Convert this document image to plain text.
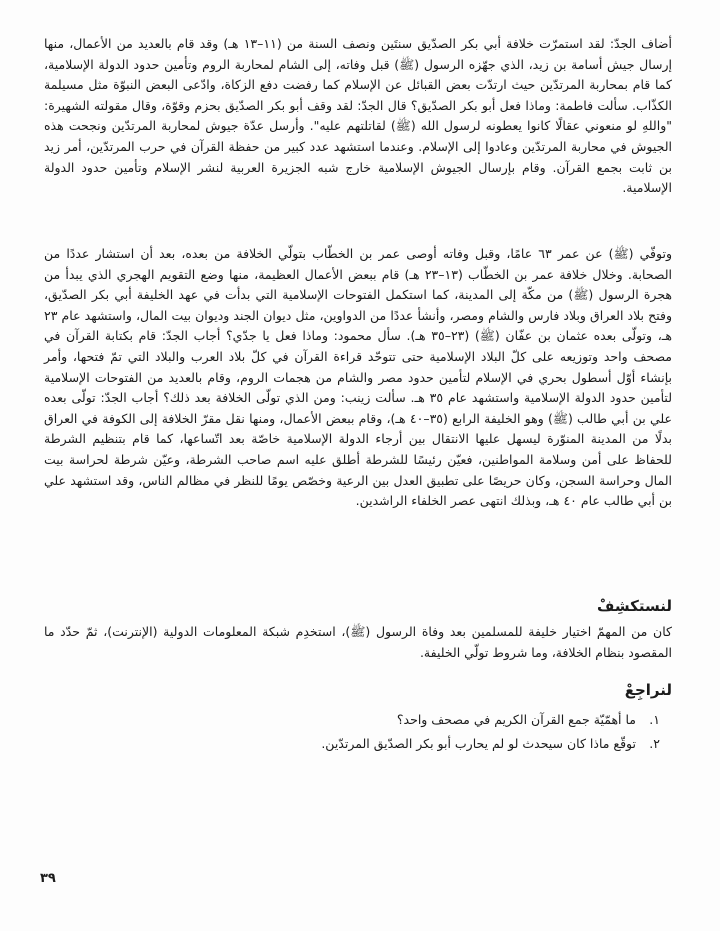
أضاف الجدّ: لقد استمرّت خلافة أبي بكر الصدّيق سنتَين ونصف السنة من (١١–١٣ هـ) وقد قام بالعديد من الأعمال، منها إرسال جيش أسامة بن زيد، الذي جهّزه الرسول (ﷺ) قبل وفاته، إلى الشام لمحاربة الروم وتأمين حدود الدولة الإسلامية، كما قام بمحاربة المرتدّين حيث ارتدّت بعض القبائل عن الإسلام كما رفضت دفع الزكاة، وادّعى البعض النبوّة مثل مسيلمة الكذّاب. سألت فاطمة: وماذا فعل أبو بكر الصدّيق؟ قال الجدّ: لقد وقف أبو بكر الصدّيق بحزم وقوّة، وقال مقولته الشهيرة: "واللهِ لو منعوني عقالًا كانوا يعطونه لرسول الله (ﷺ) لقاتلتهم عليه". وأرسل عدّة جيوش لمحاربة المرتدّين ونجحت هذه الجيوش في محاربة المرتدّين وعادوا إلى الإسلام. وعندما استشهد عدد كبير من حفظة القرآن في حرب المرتدّين، أمر زيد بن ثابت بجمع القرآن. وقام بإرسال الجيوش الإسلامية خارج شبه الجزيرة العربية لنشر الإسلام وتأمين حدود الدولة الإسلامية.

وتوفّي (ﷺ) عن عمر ٦٣ عامًا، وقبل وفاته أوصى عمر بن الخطّاب بتولّي الخلافة من بعده، بعد أن استشار عددًا من الصحابة. وخلال خلافة عمر بن الخطّاب (١٣–٢٣ هـ) قام ببعض الأعمال العظيمة، منها وضع التقويم الهجري الذي يبدأ من هجرة الرسول (ﷺ) من مكّة إلى المدينة، كما استكمل الفتوحات الإسلامية التي بدأت في عهد الخليفة أبي بكر الصدّيق، وفتح بلاد العراق وبلاد فارس والشام ومصر، وأنشأ عددًا من الدواوين، مثل ديوان الجند وديوان بيت المال، واستشهد عام ٢٣ هـ، وتولّى بعده عثمان بن عفّان (ﷺ) (٢٣–٣٥ هـ). سأل محمود: وماذا فعل يا جدّي؟ أجاب الجدّ: قام بكتابة القرآن في مصحف واحد وتوزيعه على كلّ البلاد الإسلامية حتى تتوحّد قراءة القرآن في كلّ بلاد العرب والبلاد التي تمّ فتحها، وأمر بإنشاء أوّل أسطول بحري في الإسلام لتأمين حدود مصر والشام من هجمات الروم، وقام بالعديد من الفتوحات الإسلامية لتأمين حدود الدولة الإسلامية واستشهد عام ٣٥ هـ. سألت زينب: ومن الذي تولّى الخلافة بعد ذلك؟ أجاب الجدّ: تولّى بعده علي بن أبي طالب (ﷺ) وهو الخليفة الرابع (٣٥–٤٠ هـ)، وقام ببعض الأعمال، ومنها نقل مقرّ الخلافة إلى الكوفة في العراق بدلًا من المدينة المنوّرة ليسهل عليها الانتقال بين أرجاء الدولة الإسلامية خاصّة بعد اتّساعها، كما قام بتنظيم الشرطة للحفاظ على أمن وسلامة المواطنين، فعيّن رئيسًا للشرطة أطلق عليه اسم صاحب الشرطة، وعيّن شرطة لحراسة بيت المال وحراسة السجن، وكان حريصًا على تطبيق العدل بين الرعية وخصّص يومًا للنظر في مظالم الناس، وقد استشهد علي بن أبي طالب عام ٤٠ هـ، وبذلك انتهى عصر الخلفاء الراشدين.

لنستكشِفْ

كان من المهمّ اختيار خليفة للمسلمين بعد وفاة الرسول (ﷺ)، استخدِم شبكة المعلومات الدولية (الإنترنت)، ثمّ حدّد ما المقصود بنظام الخلافة، وما شروط تولّي الخليفة.

لنراجِعْ
١.
ما أهمّيّة جمع القرآن الكريم في مصحف واحد؟
٢.
توقّع ماذا كان سيحدث لو لم يحارب أبو بكر الصدّيق المرتدّين.
٣٩
